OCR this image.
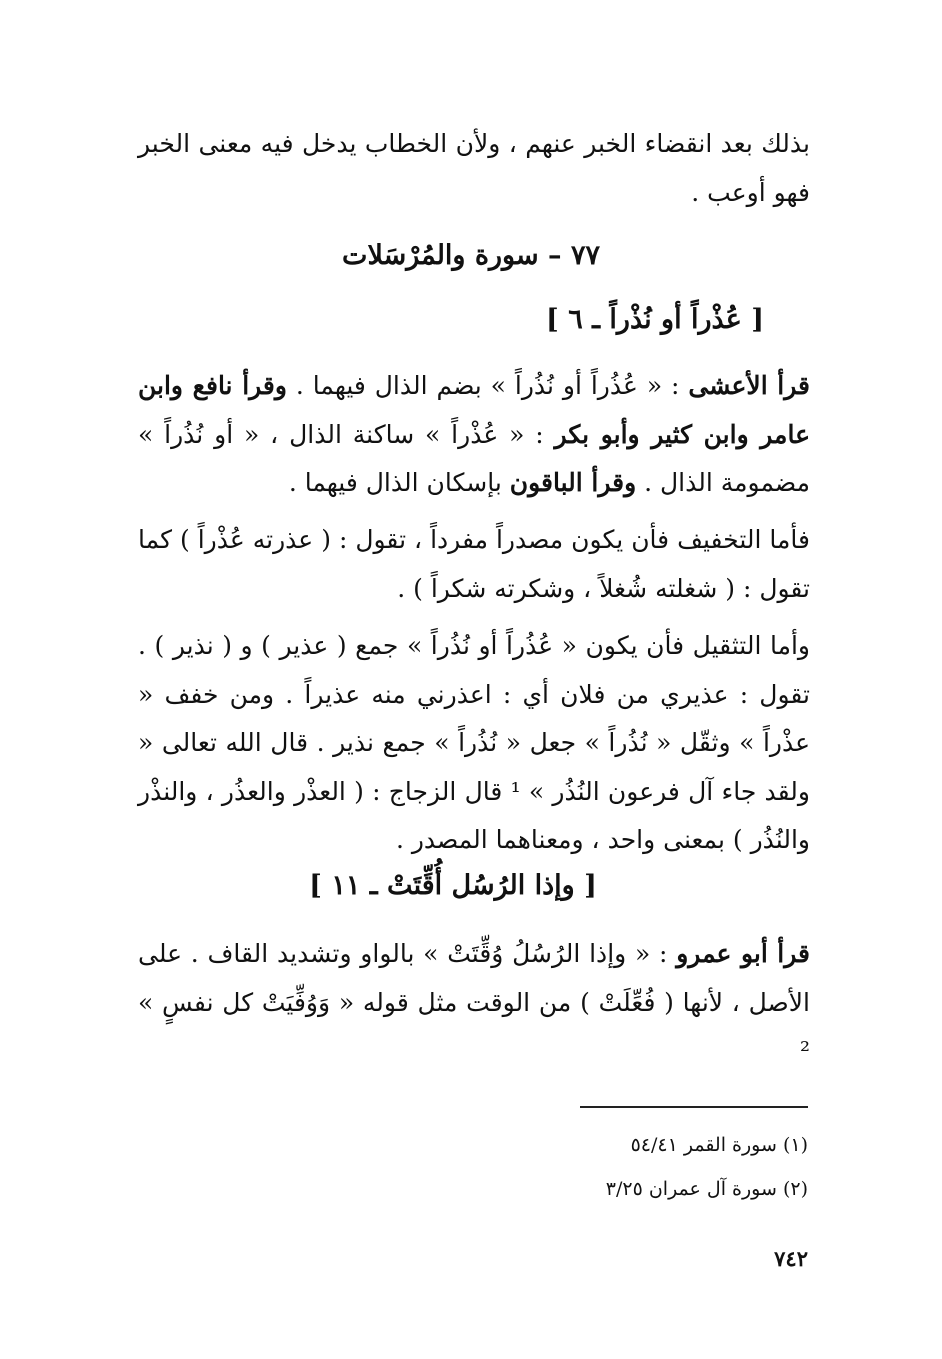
بذلك بعد انقضاء الخبر عنهم ، ولأن الخطاب يدخل فيه معنى الخبر فهو أوعب .
٧٧ – سورة والمُرْسَلات
[ عُذْراً أو نُذْراً ـ ٦ ]
قرأ الأعشى : « عُذُراً أو نُذُراً » بضم الذال فيهما . وقرأ نافع وابن عامر وابن كثير وأبو بكر : « عُذْراً » ساكنة الذال ، « أو نُذُراً » مضمومة الذال . وقرأ الباقون بإسكان الذال فيهما .
فأما التخفيف فأن يكون مصدراً مفرداً ، تقول : ( عذرته عُذْراً ) كما تقول : ( شغلته شُغلاً ، وشكرته شكراً ) .
وأما التثقيل فأن يكون « عُذُراً أو نُذُراً » جمع ( عذير ) و ( نذير ) . تقول : عذيري من فلان أي : اعذرني منه عذيراً . ومن خفف « عذْراً » وثقّل « نُذُراً » جعل « نُذُراً » جمع نذير . قال الله تعالى « ولقد جاء آل فرعون النُذُر » ¹ قال الزجاج : ( العذْر والعذُر ، والنذْر والنُذُر ) بمعنى واحد ، ومعناهما المصدر .
[ وإذا الرُسُل أُقِّتَتْ ـ ١١ ]
قرأ أبو عمرو : « وإذا الرُسُلُ وُقِّتَتْ » بالواو وتشديد القاف . على الأصل ، لأنها ( فُعِّلَتْ ) من الوقت مثل قوله « وَوُفِّيَتْ كل نفسٍ » ²
(١) سورة القمر ٥٤/٤١
(٢) سورة آل عمران ٣/٢٥
٧٤٢
